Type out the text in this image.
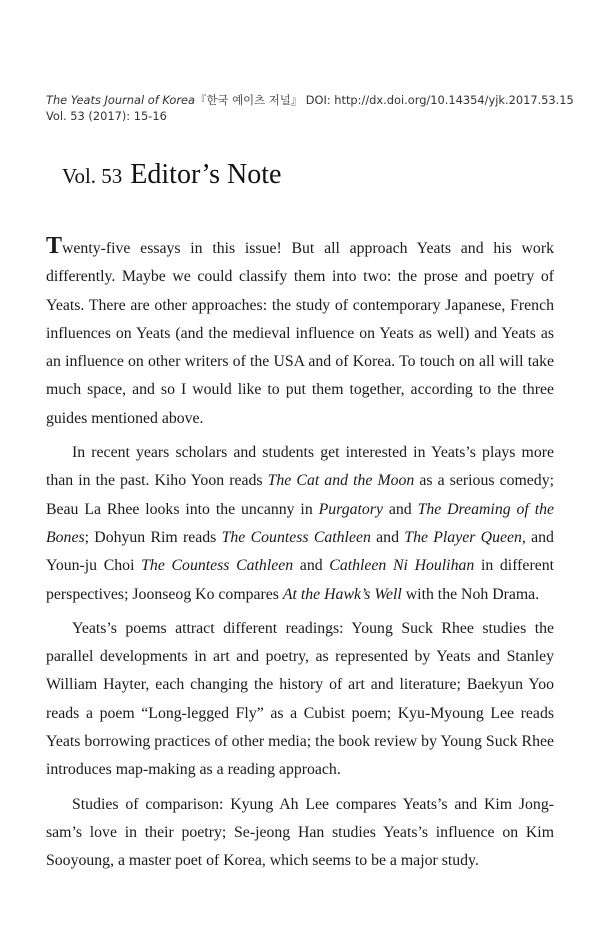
The Yeats Journal of Korea『한국 예이츠 저널』 DOI: http://dx.doi.org/10.14354/yjk.2017.53.15
Vol. 53 (2017): 15-16
Vol. 53 Editor’s Note

Twenty-five essays in this issue! But all approach Yeats and his work differently. Maybe we could classify them into two: the prose and poetry of Yeats. There are other approaches: the study of contemporary Japanese, French influences on Yeats (and the medieval influence on Yeats as well) and Yeats as an influence on other writers of the USA and of Korea. To touch on all will take much space, and so I would like to put them together, according to the three guides mentioned above.

In recent years scholars and students get interested in Yeats’s plays more than in the past. Kiho Yoon reads The Cat and the Moon as a serious comedy; Beau La Rhee looks into the uncanny in Purgatory and The Dreaming of the Bones; Dohyun Rim reads The Countess Cathleen and The Player Queen, and Youn-ju Choi The Countess Cathleen and Cathleen Ni Houlihan in different perspectives; Joonseog Ko compares At the Hawk’s Well with the Noh Drama.

Yeats’s poems attract different readings: Young Suck Rhee studies the parallel developments in art and poetry, as represented by Yeats and Stanley William Hayter, each changing the history of art and literature; Baekyun Yoo reads a poem “Long-legged Fly” as a Cubist poem; Kyu-Myoung Lee reads Yeats borrowing practices of other media; the book review by Young Suck Rhee introduces map-making as a reading approach.

Studies of comparison: Kyung Ah Lee compares Yeats’s and Kim Jong-sam’s love in their poetry; Se-jeong Han studies Yeats’s influence on Kim Sooyoung, a master poet of Korea, which seems to be a major study.
